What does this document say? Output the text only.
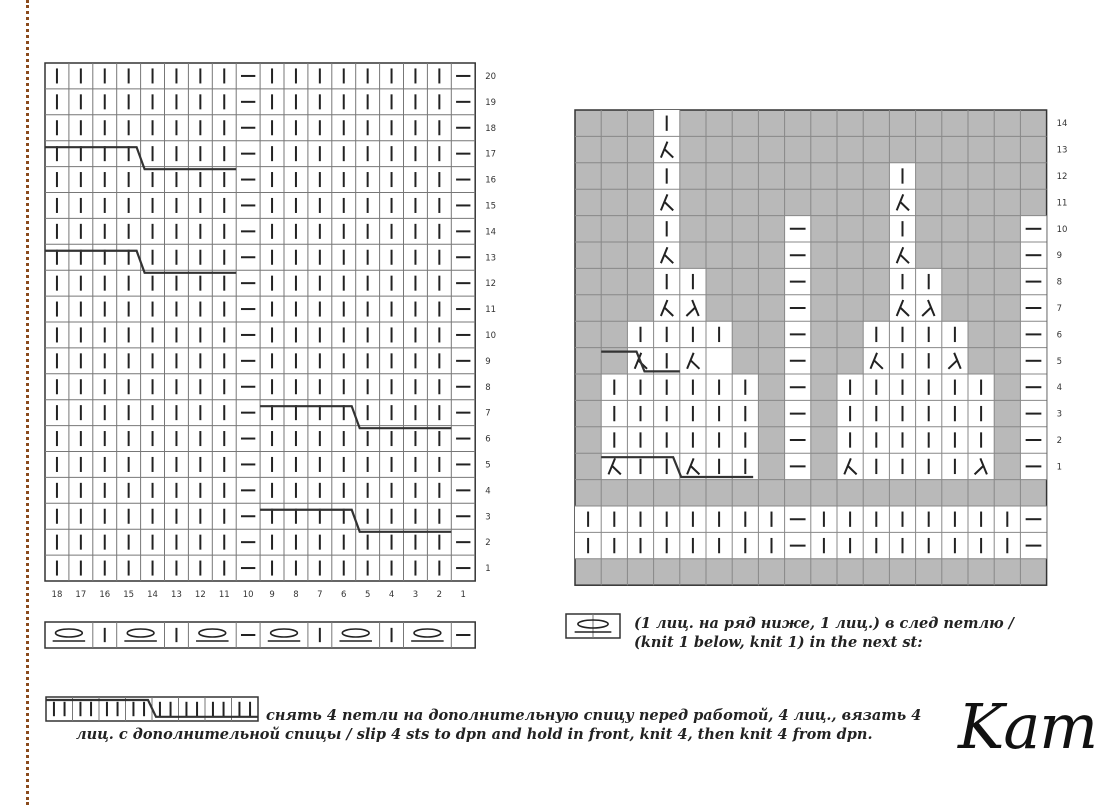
20
19
18
17
16
15
14
13
12
11
10
9
8
7
6
5
4
3
2
1
18 17 16 15 14 13 12 11 10 9 8 7 6 5 4 3 2 1
14
13
12
11
10
9
8
7
6
5
4
3
2
1
(1 лиц. на ряд ниже, 1 лиц.) в след петлю / (knit 1 below, knit 1) in the next st:
снять 4 петли на дополнительную спицу перед работой, 4 лиц., вязать 4 лиц. с дополнительной спицы / slip 4 sts to dpn and hold in front, knit 4, then knit 4 from dpn.	Kam
